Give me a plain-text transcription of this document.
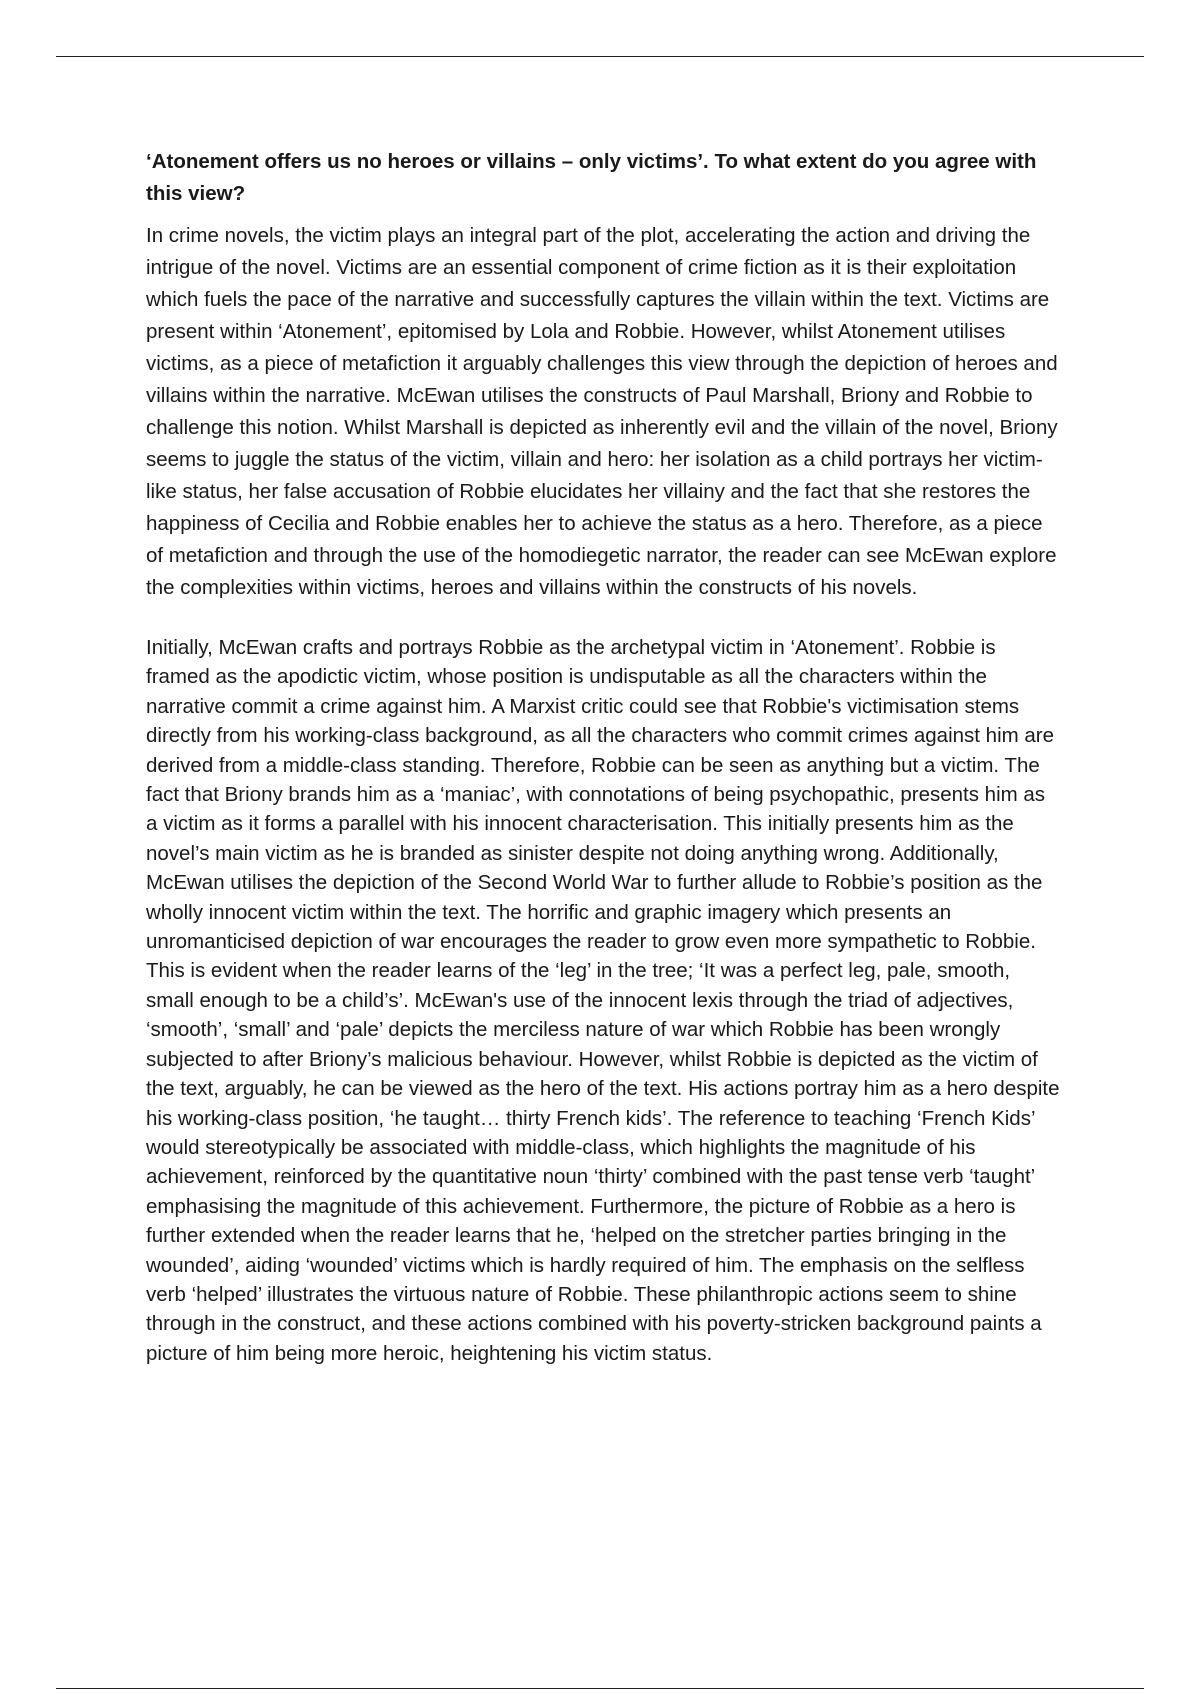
‘Atonement offers us no heroes or villains – only victims’. To what extent do you agree with this view?

In crime novels, the victim plays an integral part of the plot, accelerating the action and driving the intrigue of the novel. Victims are an essential component of crime fiction as it is their exploitation which fuels the pace of the narrative and successfully captures the villain within the text. Victims are present within ‘Atonement’, epitomised by Lola and Robbie. However, whilst Atonement utilises victims, as a piece of metafiction it arguably challenges this view through the depiction of heroes and villains within the narrative. McEwan utilises the constructs of Paul Marshall, Briony and Robbie to challenge this notion. Whilst Marshall is depicted as inherently evil and the villain of the novel, Briony seems to juggle the status of the victim, villain and hero: her isolation as a child portrays her victim-like status, her false accusation of Robbie elucidates her villainy and the fact that she restores the happiness of Cecilia and Robbie enables her to achieve the status as a hero. Therefore, as a piece of metafiction and through the use of the homodiegetic narrator, the reader can see McEwan explore the complexities within victims, heroes and villains within the constructs of his novels.

Initially, McEwan crafts and portrays Robbie as the archetypal victim in ‘Atonement’. Robbie is framed as the apodictic victim, whose position is undisputable as all the characters within the narrative commit a crime against him. A Marxist critic could see that Robbie's victimisation stems directly from his working-class background, as all the characters who commit crimes against him are derived from a middle-class standing. Therefore, Robbie can be seen as anything but a victim. The fact that Briony brands him as a ‘maniac’, with connotations of being psychopathic, presents him as a victim as it forms a parallel with his innocent characterisation. This initially presents him as the novel’s main victim as he is branded as sinister despite not doing anything wrong. Additionally, McEwan utilises the depiction of the Second World War to further allude to Robbie’s position as the wholly innocent victim within the text. The horrific and graphic imagery which presents an unromanticised depiction of war encourages the reader to grow even more sympathetic to Robbie. This is evident when the reader learns of the ‘leg’ in the tree; ‘It was a perfect leg, pale, smooth, small enough to be a child’s’. McEwan's use of the innocent lexis through the triad of adjectives, ‘smooth’, ‘small’ and ‘pale’ depicts the merciless nature of war which Robbie has been wrongly subjected to after Briony’s malicious behaviour. However, whilst Robbie is depicted as the victim of the text, arguably, he can be viewed as the hero of the text. His actions portray him as a hero despite his working-class position, ‘he taught… thirty French kids’. The reference to teaching ‘French Kids’ would stereotypically be associated with middle-class, which highlights the magnitude of his achievement, reinforced by the quantitative noun ‘thirty’ combined with the past tense verb ‘taught’ emphasising the magnitude of this achievement. Furthermore, the picture of Robbie as a hero is further extended when the reader learns that he, ‘helped on the stretcher parties bringing in the wounded’, aiding ‘wounded’ victims which is hardly required of him. The emphasis on the selfless verb ‘helped’ illustrates the virtuous nature of Robbie. These philanthropic actions seem to shine through in the construct, and these actions combined with his poverty-stricken background paints a picture of him being more heroic, heightening his victim status.
